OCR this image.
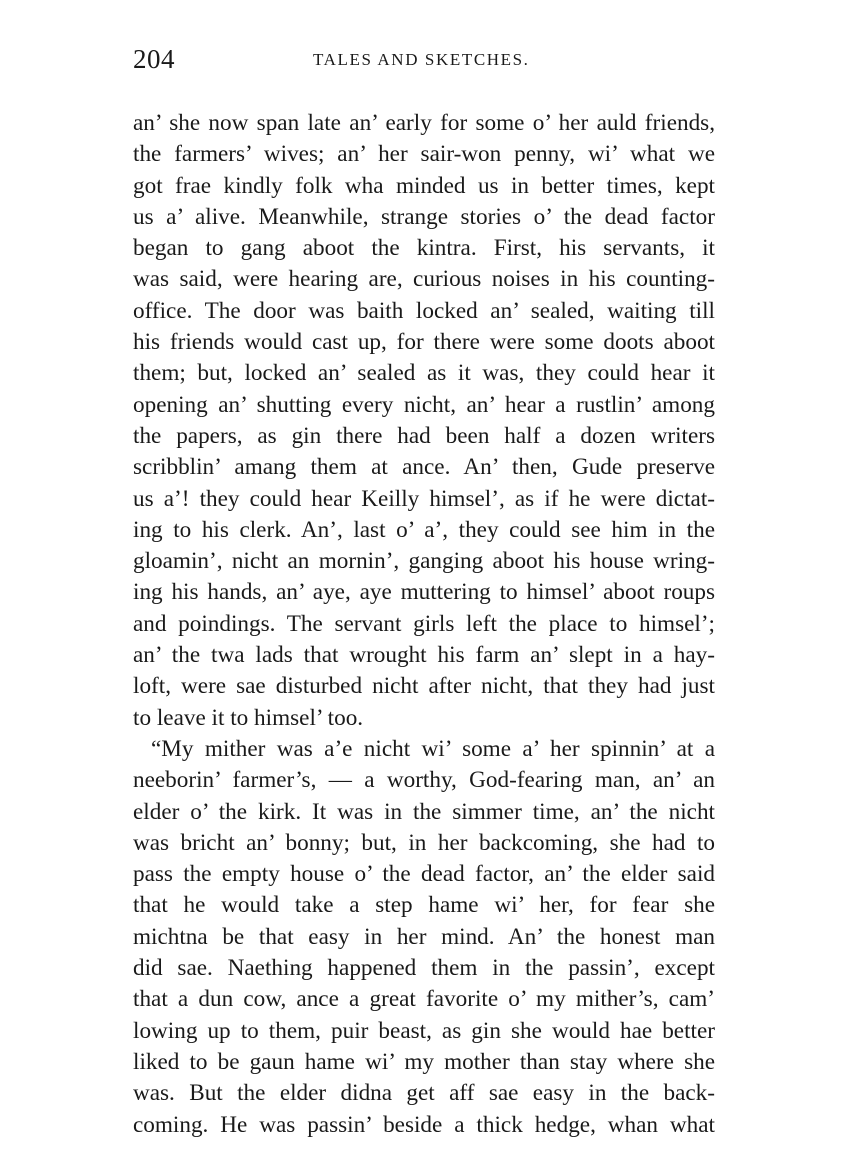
204	TALES AND SKETCHES.
an’ she now span late an’ early for some o’ her auld friends,
the farmers’ wives; an’ her sair-won penny, wi’ what we
got frae kindly folk wha minded us in better times, kept
us a’ alive. Meanwhile, strange stories o’ the dead factor
began to gang aboot the kintra. First, his servants, it
was said, were hearing are, curious noises in his counting-
office. The door was baith locked an’ sealed, waiting till
his friends would cast up, for there were some doots aboot
them; but, locked an’ sealed as it was, they could hear it
opening an’ shutting every nicht, an’ hear a rustlin’ among
the papers, as gin there had been half a dozen writers
scribblin’ amang them at ance. An’ then, Gude preserve
us a’! they could hear Keilly himsel’, as if he were dictat-
ing to his clerk. An’, last o’ a’, they could see him in the
gloamin’, nicht an mornin’, ganging aboot his house wring-
ing his hands, an’ aye, aye muttering to himsel’ aboot roups
and poindings. The servant girls left the place to himsel’;
an’ the twa lads that wrought his farm an’ slept in a hay-
loft, were sae disturbed nicht after nicht, that they had just
to leave it to himsel’ too.
“My mither was a’e nicht wi’ some a’ her spinnin’ at a
neeborin’ farmer’s, — a worthy, God-fearing man, an’ an
elder o’ the kirk. It was in the simmer time, an’ the nicht
was bricht an’ bonny; but, in her backcoming, she had to
pass the empty house o’ the dead factor, an’ the elder said
that he would take a step hame wi’ her, for fear she
michtna be that easy in her mind. An’ the honest man
did sae. Naething happened them in the passin’, except
that a dun cow, ance a great favorite o’ my mither’s, cam’
lowing up to them, puir beast, as gin she would hae better
liked to be gaun hame wi’ my mother than stay where she
was. But the elder didna get aff sae easy in the back-
coming. He was passin’ beside a thick hedge, whan what
